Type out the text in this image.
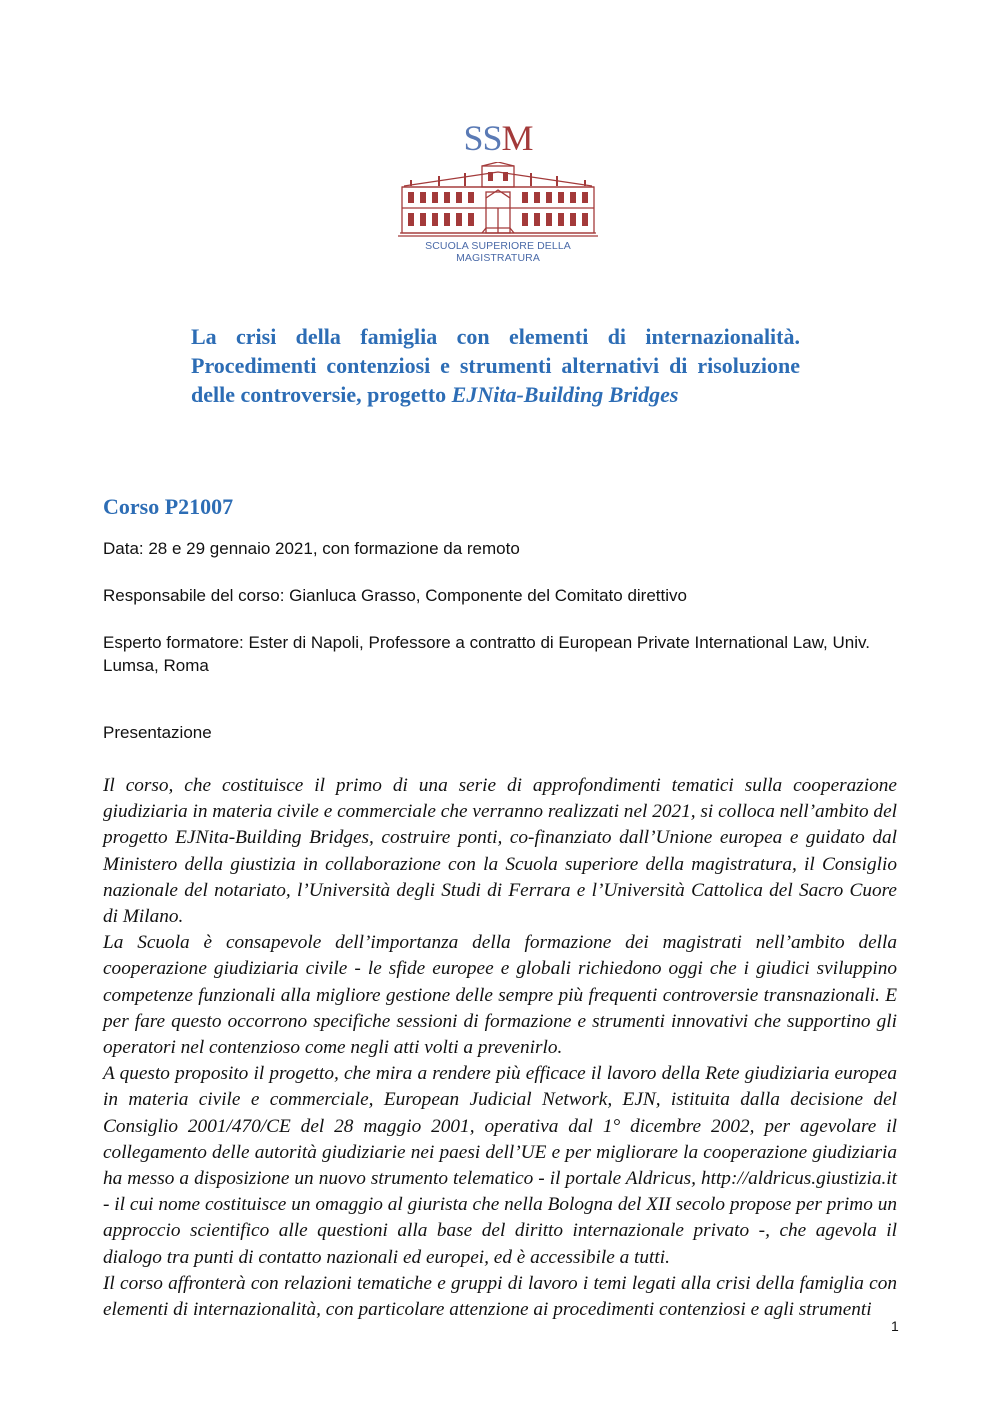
SSM
SCUOLA SUPERIORE DELLA MAGISTRATURA
La crisi della famiglia con elementi di internazionalità. Procedimenti contenziosi e strumenti alternativi di risoluzione delle controversie, progetto EJNita-Building Bridges
Corso P21007
Data: 28 e 29 gennaio 2021, con formazione da remoto
Responsabile del corso: Gianluca Grasso, Componente del Comitato direttivo
Esperto formatore: Ester di Napoli, Professore a contratto di European Private International Law, Univ. Lumsa, Roma
Presentazione

Il corso, che costituisce il primo di una serie di approfondimenti tematici sulla cooperazione giudiziaria in materia civile e commerciale che verranno realizzati nel 2021, si colloca nell’ambito del progetto EJNita-Building Bridges, costruire ponti, co-finanziato dall’Unione europea e guidato dal Ministero della giustizia in collaborazione con la Scuola superiore della magistratura, il Consiglio nazionale del notariato, l’Università degli Studi di Ferrara e l’Università Cattolica del Sacro Cuore di Milano.

La Scuola è consapevole dell’importanza della formazione dei magistrati nell’ambito della cooperazione giudiziaria civile - le sfide europee e globali richiedono oggi che i giudici sviluppino competenze funzionali alla migliore gestione delle sempre più frequenti controversie transnazionali. E per fare questo occorrono specifiche sessioni di formazione e strumenti innovativi che supportino gli operatori nel contenzioso come negli atti volti a prevenirlo.

A questo proposito il progetto, che mira a rendere più efficace il lavoro della Rete giudiziaria europea in materia civile e commerciale, European Judicial Network, EJN, istituita dalla decisione del Consiglio 2001/470/CE del 28 maggio 2001, operativa dal 1° dicembre 2002, per agevolare il collegamento delle autorità giudiziarie nei paesi dell’UE e per migliorare la cooperazione giudiziaria ha messo a disposizione un nuovo strumento telematico - il portale Aldricus, http://aldricus.giustizia.it - il cui nome costituisce un omaggio al giurista che nella Bologna del XII secolo propose per primo un approccio scientifico alle questioni alla base del diritto internazionale privato -, che agevola il dialogo tra punti di contatto nazionali ed europei, ed è accessibile a tutti.

Il corso affronterà con relazioni tematiche e gruppi di lavoro i temi legati alla crisi della famiglia con elementi di internazionalità, con particolare attenzione ai procedimenti contenziosi e agli strumenti

1
